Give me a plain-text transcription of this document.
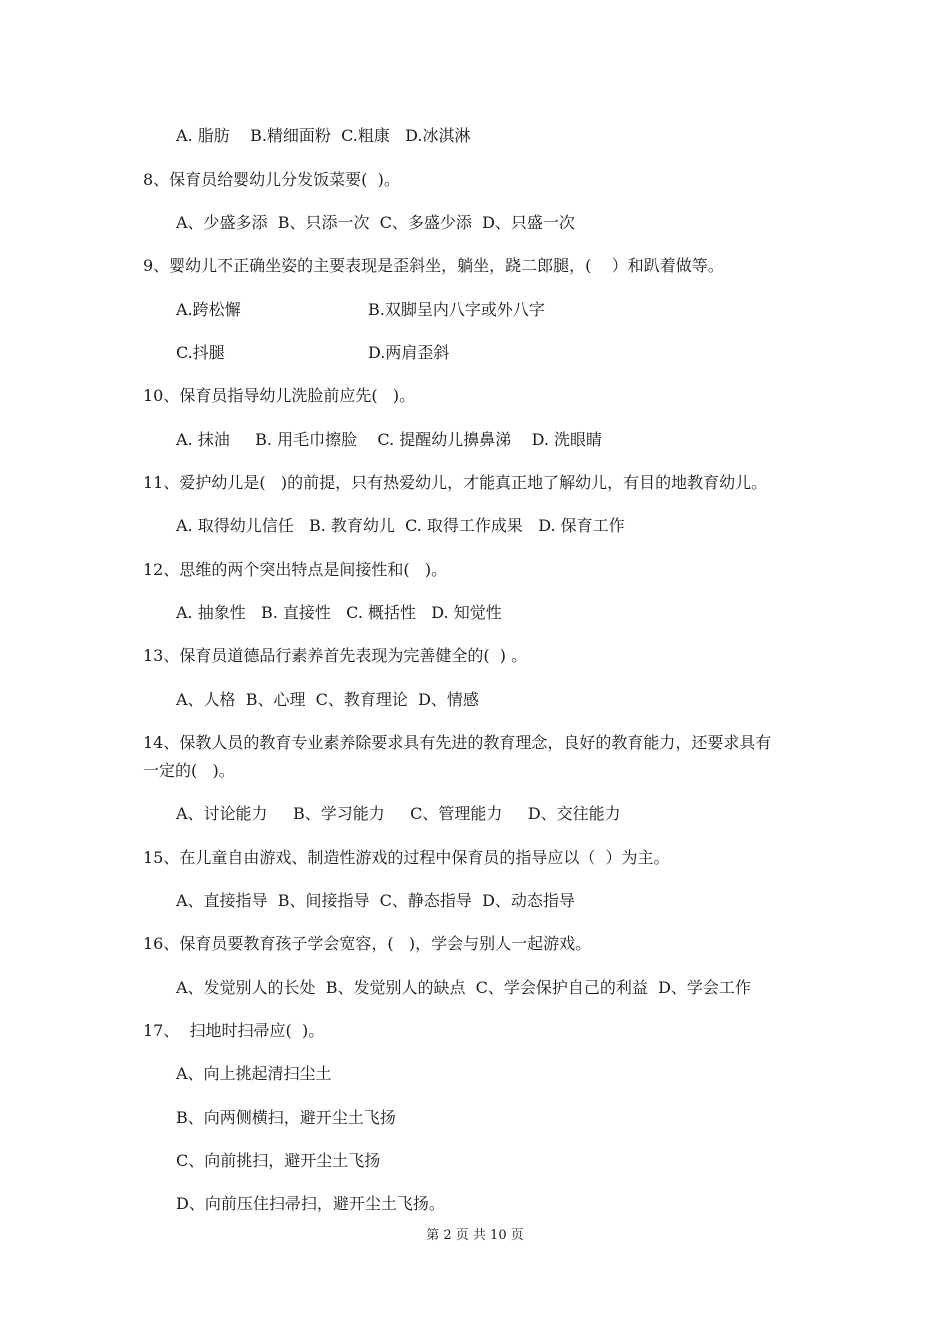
A. 脂肪    B.精细面粉  C.粗康   D.冰淇淋
8、保育员给婴幼儿分发饭菜要(  )。
A、少盛多添  B、只添一次  C、多盛少添  D、只盛一次
9、婴幼儿不正确坐姿的主要表现是歪斜坐，躺坐，跷二郎腿，(    ）和趴着做等。
A.跨松懈	B.双脚呈内八字或外八字
C.抖腿	D.两肩歪斜
10、保育员指导幼儿洗脸前应先(   )。
A. 抹油     B. 用毛巾擦脸    C. 提醒幼儿擤鼻涕    D. 洗眼睛
11、爱护幼儿是(   )的前提，只有热爱幼儿，才能真正地了解幼儿，有目的地教育幼儿。
A. 取得幼儿信任   B. 教育幼儿  C. 取得工作成果   D. 保育工作
12、思维的两个突出特点是间接性和(   )。
A. 抽象性   B. 直接性   C. 概括性   D. 知觉性
13、保育员道德品行素养首先表现为完善健全的(  ) 。
A、人格  B、心理  C、教育理论  D、情感
14、保教人员的教育专业素养除要求具有先进的教育理念，良好的教育能力，还要求具有
一定的(   )。
A、讨论能力     B、学习能力     C、管理能力     D、交往能力
15、在儿童自由游戏、制造性游戏的过程中保育员的指导应以（  ）为主。
A、直接指导  B、间接指导  C、静态指导  D、动态指导
16、保育员要教育孩子学会宽容，(   )，学会与别人一起游戏。
A、发觉别人的长处  B、发觉别人的缺点  C、学会保护自己的利益  D、学会工作
17、  扫地时扫帚应(  )。
A、向上挑起清扫尘土
B、向两侧横扫，避开尘土飞扬
C、向前挑扫，避开尘土飞扬
D、向前压住扫帚扫，避开尘土飞扬。
第 2 页 共 10 页
